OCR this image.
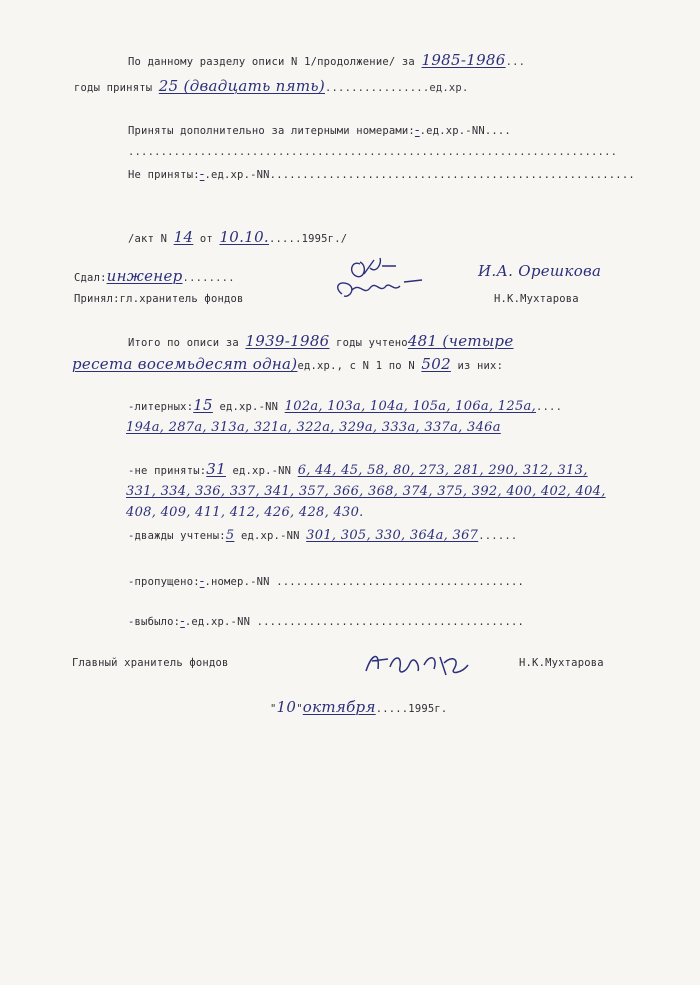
По данному разделу описи N 1/продолжение/ за 1985-1986...
годы приняты 25 (двадцать пять)................ед.хр.
Приняты дополнительно за литерными номерами:-.ед.хр.-NN....
...........................................................................
Не приняты:-.ед.хр.-NN........................................................
/акт N 14 от 10.10......1995г./
Сдал:инженер........	И.А. Орешкова
Принял:гл.хранитель фондов	Н.К.Мухтарова
Итого по описи за 1939-1986 годы учтено481 (четыре
ресета восемьдесят одна)ед.хр., с N 1 по N 502 из них:
-литерных:15 ед.хр.-NN 102а, 103а, 104а, 105а, 106а, 125а,....
194а, 287а, 313а, 321а, 322а, 329а, 333а, 337а, 346а
-не приняты:31 ед.хр.-NN 6, 44, 45, 58, 80, 273, 281, 290, 312, 313,
331, 334, 336, 337, 341, 357, 366, 368, 374, 375, 392, 400, 402, 404,
408, 409, 411, 412, 426, 428, 430.
-дважды учтены:5 ед.хр.-NN 301, 305, 330, 364а, 367......
-пропущено:-.номер.-NN ......................................
-выбыло:-.ед.хр.-NN .........................................
Главный хранитель фондов	Н.К.Мухтарова
"10"октября.....1995г.
